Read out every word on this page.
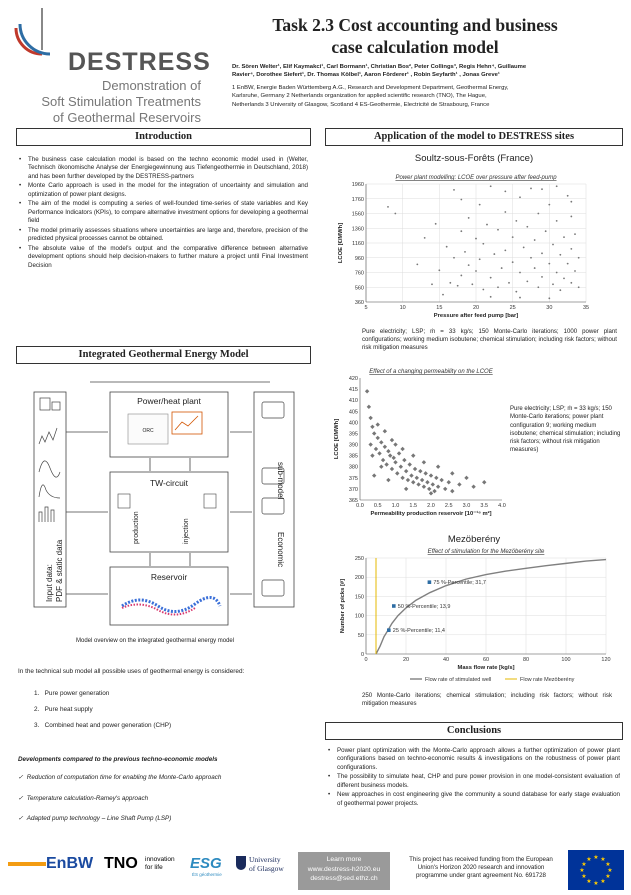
DESTRESS
Demonstration of
Soft Stimulation Treatments
of Geothermal Reservoirs
Task 2.3 Cost accounting and business
case calculation model
Dr. Sören Welter¹, Elif Kaymakci¹, Carl Bormann¹, Christian Bos², Peter Collings³, Regis Hehn⁴, Guillaume
Ravier⁴, Dorothee Siefert¹, Dr. Thomas Kölbel¹, Aaron Förderer¹ , Robin Seyfarth¹ , Jonas Greve¹
1 EnBW, Energie Baden Württemberg A.G., Research and Development Department, Geothermal Energy,
Karlsruhe, Germany 2 Netherlands organization for applied scientific research (TNO), The Hague,
Netherlands 3 University of Glasgow, Scotland 4 ES-Geothermie, Electricité de Strasbourg, France
Introduction
• The business case calculation model is based on the techno economic model used in (Welter, Technisch ökonomische Analyse der Energiegewinnung aus Tiefengeothermie in Deutschland, 2018) and has been further developed by the DESTRESS-partners
• Monte Carlo approach is used in the model for the integration of uncertainty and simulation and optimization of power plant designs.
• The aim of the model is computing a series of well-founded time-series of state variables and Key Performance Indicators (KPIs), to compare alternative investment options for developing a geothermal field
• The model primarily assesses situations where uncertainties are large and, therefore, precision of the predicted physical processes cannot be obtained.
• The absolute value of the model's output and the comparative difference between alternative development options should help decision-makers to further mature a project until Final Investment Decision
Integrated Geothermal Energy Model
Input data: PDF & static data
Power/heat plant
ORC
TW-circuit
production	injection
Reservoir
sub-model
Economic
Model overview on the integrated geothermal energy model
In the technical sub model all possible uses of geothermal energy is considered:
1.   Pure power generation
2.   Pure heat supply
3.   Combined heat and power generation (CHP)
Developments compared to the previous techno-economic models
✓ Reduction of computation time for enabling the Monte-Carlo approach
✓ Temperature calculation-Ramey's approach
✓ Adapted pump technology – Line Shaft Pump (LSP)
Application of the model to DESTRESS sites
Soultz-sous-Forêts (France)
Power plant modelling: LCOE over pressure after feed-pump
5	10	15	20	25	30	35
360
560
760
960
1160
1360
1560
1760
1960
Pressure after feed pump [bar]
LCOE [€/MWh]
Pure electricity; LSP; ṁ = 33 kg/s; 150 Monte-Carlo iterations; 1000 power plant configurations; working medium isobutene; chemical stimulation; including risk factors; without risk mitigation measures
Effect of a changing permeability on the LCOE
0.0 0.5 1.0 1.5 2.0 2.5 3.0 3.5 4.0
365
370
375
380
385
390
395
400
405
410
415
420
Permeability production reservoir [10⁻¹⁶ m²]
LCOE [€/MWh]
Pure electricity; LSP; ṁ = 33 kg/s; 150 Monte-Carlo iterations; power plant configuration 9; working medium isobutene; chemical stimulation; including risk factors; without risk mitigation measures)
Mezöberény
Effect of stimulation for the Mezöberény site
0	20	40	60	80	100	120
0
50
100
150
200
250
Mass flow rate [kg/s]
Number of picks [#]	25 %-Percentile; 11,4
50 %-Percentile; 13,9
75 %-Percentile; 31,7
Flow rate of stimulated well	Flow rate Mezöberény
250 Monte-Carlo iterations; chemical stimulation; including risk factors; without risk mitigation measures
Conclusions
• Power plant optimization with the Monte-Carlo approach allows a further optimization of power plant configurations based on techno-economic results & investigations on the robustness of power plant configurations.
• The possibility to simulate heat, CHP and pure power provision in one model-consistent evaluation of different business models.
• New approaches in cost engineering give the community a sound database for early stage evaluation of geothermal power projects.
EnBW TNO innovation
for life	ESG
ÉS géothermie
University
of Glasgow
Learn more
www.destress-h2020.eu
destress@sed.ethz.ch
This project has received funding from the European
Union's Horizon 2020 research and innovation
programme under grant agreement No. 691728
★ ★
★
★
★
★
★
★
★
★
★
★
